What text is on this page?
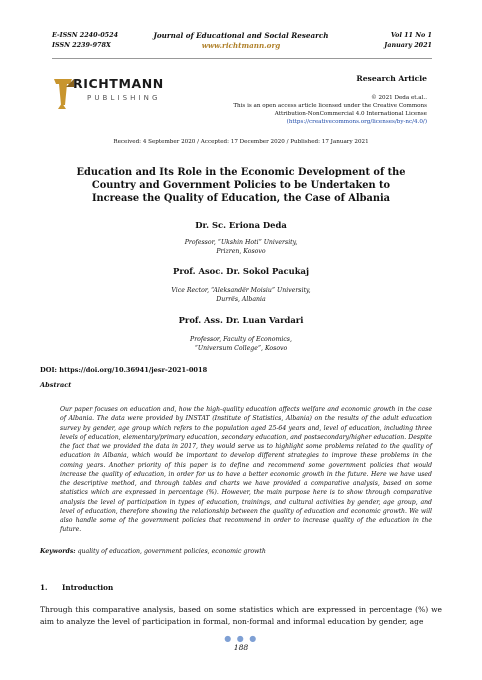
E-ISSN 2240-0524
ISSN 2239-978X
Journal of Educational and Social Research
www.richtmann.org
Vol 11 No 1
January 2021
RICHTMANN
PUBLISHING
Research Article
© 2021 Deda et.al..
This is an open access article licensed under the Creative Commons
Attribution-NonCommercial 4.0 International License
(https://creativecommons.org/licenses/by-nc/4.0/)
Received: 4 September 2020 / Accepted: 17 December 2020 / Published: 17 January 2021
Education and Its Role in the Economic Development of the
Country and Government Policies to be Undertaken to
Increase the Quality of Education, the Case of Albania
Dr. Sc. Eriona Deda
Professor, “Ukshin Hoti” University,
Prizren, Kosovo
Prof. Asoc. Dr. Sokol Pacukaj
Vice Rector, “Aleksandër Moisiu” University,
Durrës, Albania
Prof. Ass. Dr. Luan Vardari
Professor, Faculty of Economics,
“Universum College”, Kosovo
DOI: https://doi.org/10.36941/jesr-2021-0018
Abstract
Our paper focuses on education and, how the high-quality education affects welfare and economic growth in the case of Albania. The data were provided by INSTAT (Institute of Statistics, Albania) on the results of the adult education survey by gender, age group which refers to the population aged 25-64 years and, level of education, including three levels of education, elementary/primary education, secondary education, and postsecondary/higher education. Despite the fact that we provided the data in 2017, they would serve us to highlight some problems related to the quality of education in Albania, which would be important to develop different strategies to improve these problems in the coming years. Another priority of this paper is to define and recommend some government policies that would increase the quality of education, in order for us to have a better economic growth in the future. Here we have used the descriptive method, and through tables and charts we have provided a comparative analysis, based on some statistics which are expressed in percentage (%). However, the main purpose here is to show through comparative analysis the level of participation in types of education, trainings, and cultural activities by gender, age group, and level of education, therefore showing the relationship between the quality of education and economic growth. We will also handle some of the government policies that recommend in order to increase quality of the education in the future.
Keywords: quality of education, government policies, economic growth
1. Introduction
Through this comparative analysis, based on some statistics which are expressed in percentage (%) we aim to analyze the level of participation in formal, non-formal and informal education by gender, age
● ● ●
188
